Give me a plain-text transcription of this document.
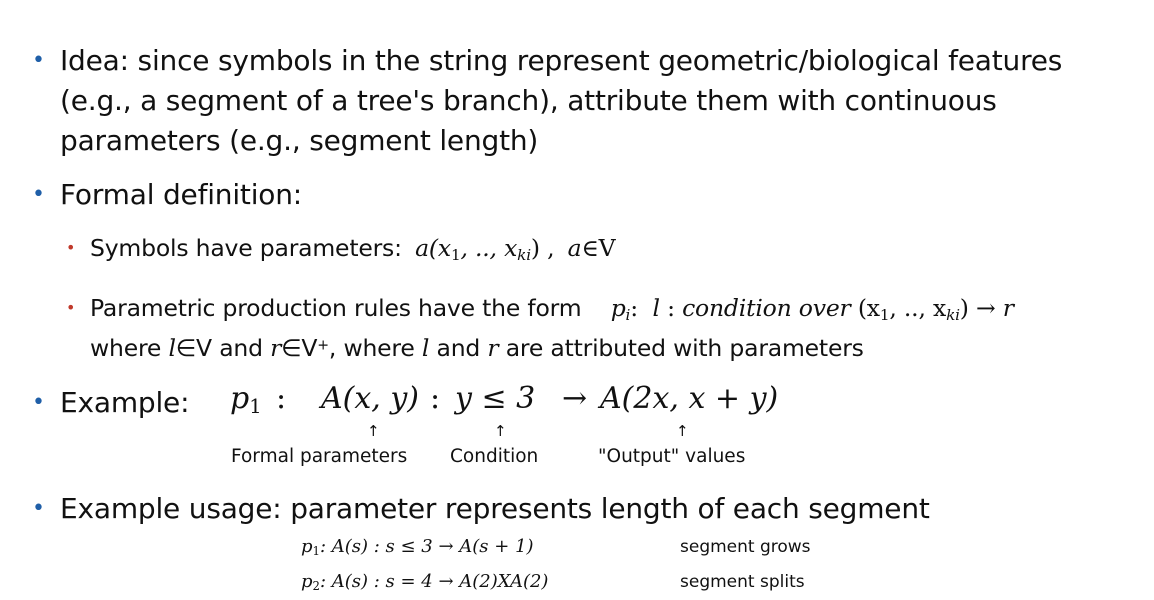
• Idea: since symbols in the string represent geometric/biological features
(e.g., a segment of a tree's branch), attribute them with continuous
parameters (e.g., segment length)
• Formal definition:
• Symbols have parameters: $a(x_1$, .., $x_{ki}$) , a∈V
• Parametric production rules have the form $p_i$: l : condition over ($x_1$, .., $x_{ki}) \to r$
where l∈V and r∈V+, where l and r are attributed with parameters
• Example: $p_1$ : A(x, y) : y ≤ 3 → A(2x, x + y)
↑	↑	↑
Formal parameters Condition	"Output" values
• Example usage: parameter represents length of each segment
$p_1$: A(s) : s ≤ 3 → A(s + 1)	segment grows
$p_2$: A(s) : s = 4 → A(2)XA(2)	segment splits
